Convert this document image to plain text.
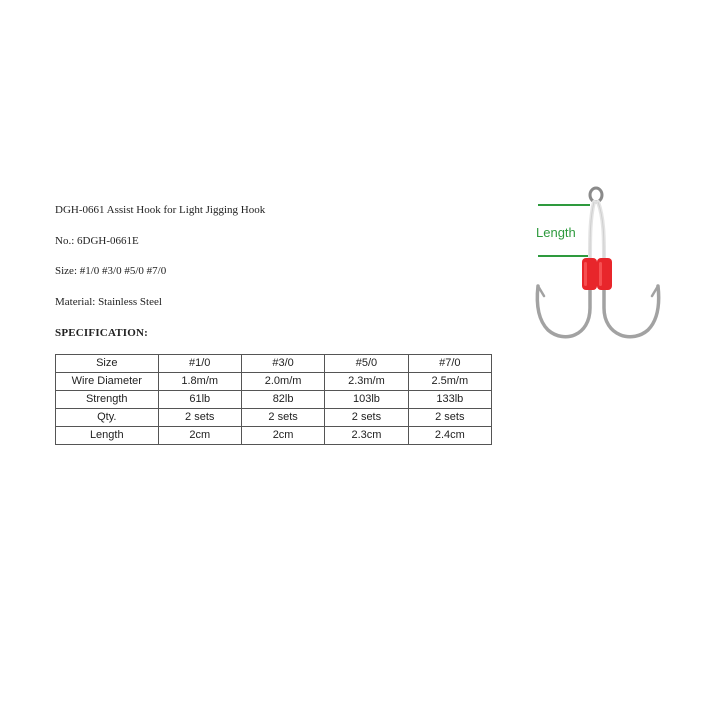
DGH-0661 Assist Hook for Light Jigging Hook
No.: 6DGH-0661E
Size: #1/0 #3/0 #5/0 #7/0
Material: Stainless Steel
SPECIFICATION:
Size	#1/0	#3/0	#5/0	#7/0
Wire Diameter	1.8m/m	2.0m/m	2.3m/m	2.5m/m
Strength	61lb	82lb	103lb	133lb
Qty.	2 sets	2 sets	2 sets	2 sets
Length	2cm	2cm	2.3cm	2.4cm
Length
